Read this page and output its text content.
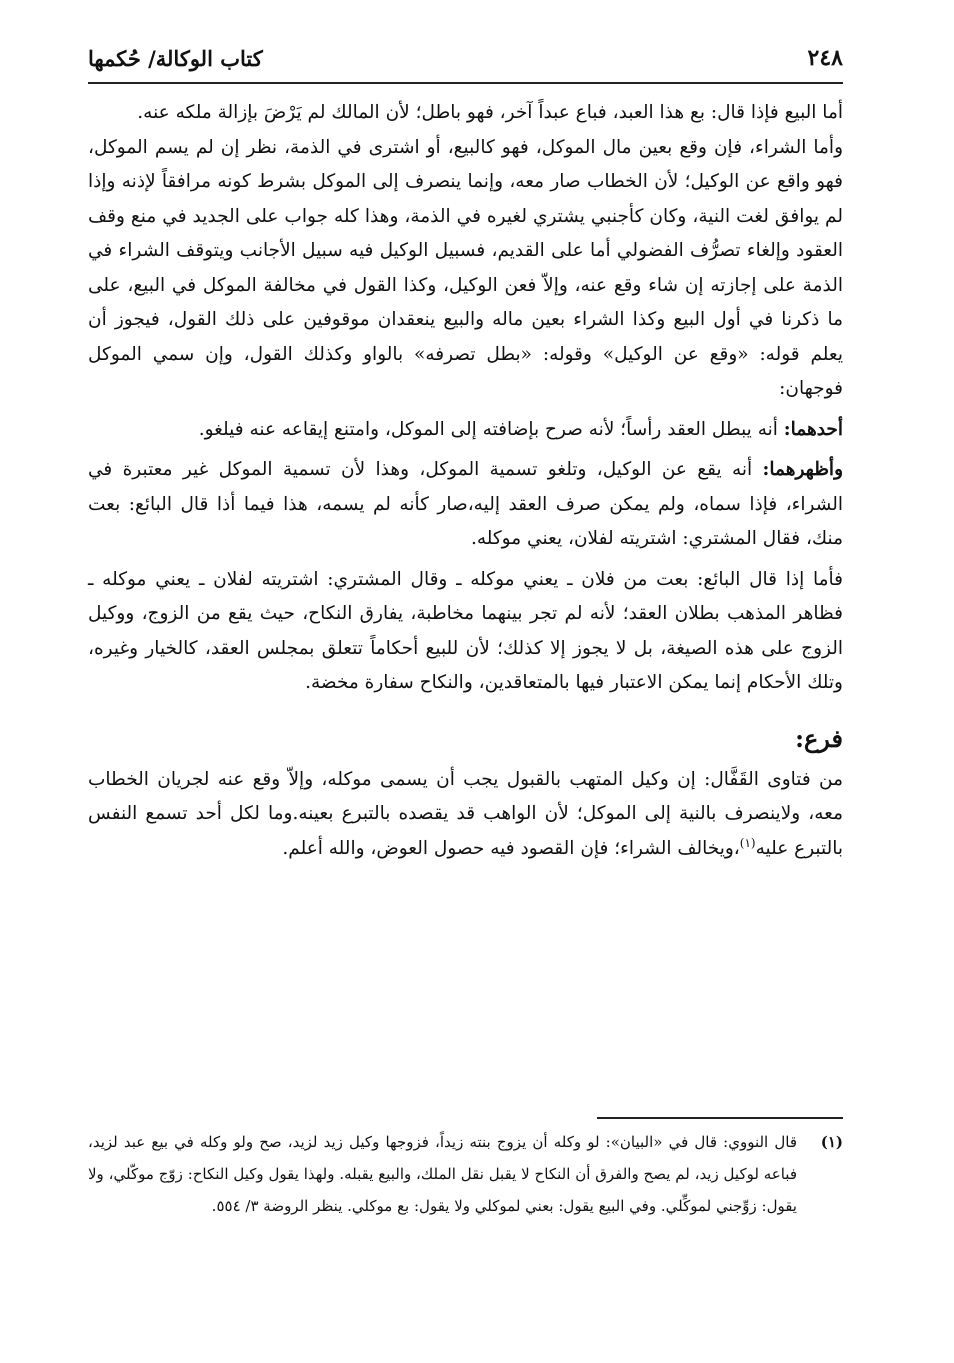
٢٤٨
كتاب الوكالة/ حُكمها

أما البيع فإذا قال: بع هذا العبد، فباع عبداً آخر، فهو باطل؛ لأن المالك لم يَرْضَ بإزالة ملكه عنه.

وأما الشراء، فإن وقع بعين مال الموكل، فهو كالبيع، أو اشترى في الذمة، نظر إن لم يسم الموكل، فهو واقع عن الوكيل؛ لأن الخطاب صار معه، وإنما ينصرف إلى الموكل بشرط كونه مرافقاً لإذنه وإذا لم يوافق لغت النية، وكان كأجنبي يشتري لغيره في الذمة، وهذا كله جواب على الجديد في منع وقف العقود وإلغاء تصرُّف الفضولي أما على القديم، فسبيل الوكيل فيه سبيل الأجانب ويتوقف الشراء في الذمة على إجازته إن شاء وقع عنه، وإلاّ فعن الوكيل، وكذا القول في مخالفة الموكل في البيع، على ما ذكرنا في أول البيع وكذا الشراء بعين ماله والبيع ينعقدان موقوفين على ذلك القول، فيجوز أن يعلم قوله: «وقع عن الوكيل» وقوله: «بطل تصرفه» بالواو وكذلك القول، وإن سمي الموكل فوجهان:

أحدهما: أنه يبطل العقد رأساً؛ لأنه صرح بإضافته إلى الموكل، وامتنع إيقاعه عنه فيلغو.

وأظهرهما: أنه يقع عن الوكيل، وتلغو تسمية الموكل، وهذا لأن تسمية الموكل غير معتبرة في الشراء، فإذا سماه، ولم يمكن صرف العقد إليه،صار كأنه لم يسمه، هذا فيما أذا قال البائع: بعت منك، فقال المشتري: اشتريته لفلان، يعني موكله.

فأما إذا قال البائع: بعت من فلان ـ يعني موكله ـ وقال المشتري: اشتريته لفلان ـ يعني موكله ـ فظاهر المذهب بطلان العقد؛ لأنه لم تجر بينهما مخاطبة، يفارق النكاح، حيث يقع من الزوج، ووكيل الزوج على هذه الصيغة، بل لا يجوز إلا كذلك؛ لأن للبيع أحكاماً تتعلق بمجلس العقد، كالخيار وغيره، وتلك الأحكام إنما يمكن الاعتبار فيها بالمتعاقدين، والنكاح سفارة مخضة.

فرع:

من فتاوى القَفَّال: إن وكيل المتهب بالقبول يجب أن يسمى موكله، وإلاّ وقع عنه لجريان الخطاب معه، ولاينصرف بالنية إلى الموكل؛ لأن الواهب قد يقصده بالتبرع بعينه.وما لكل أحد تسمع النفس بالتبرع عليه$^{(١)}$،ويخالف الشراء؛ فإن القصود فيه حصول العوض، والله أعلم.

(١)
قال النووي: قال في «البيان»: لو وكله أن يزوج بنته زيداً، فزوجها وكيل زيد لزيد، صح ولو وكله في بيع عبد لزيد، فباعه لوكيل زيد، لم يصح والفرق أن النكاح لا يقبل نقل الملك، والبيع يقبله. ولهذا يقول وكيل النكاح: زوّج موكّلي، ولا يقول: زوِّجني لموكِّلي. وفي البيع يقول: بعني لموكلي ولا يقول: بع موكلي. ينظر الروضة ٣/ ٥٥٤.
